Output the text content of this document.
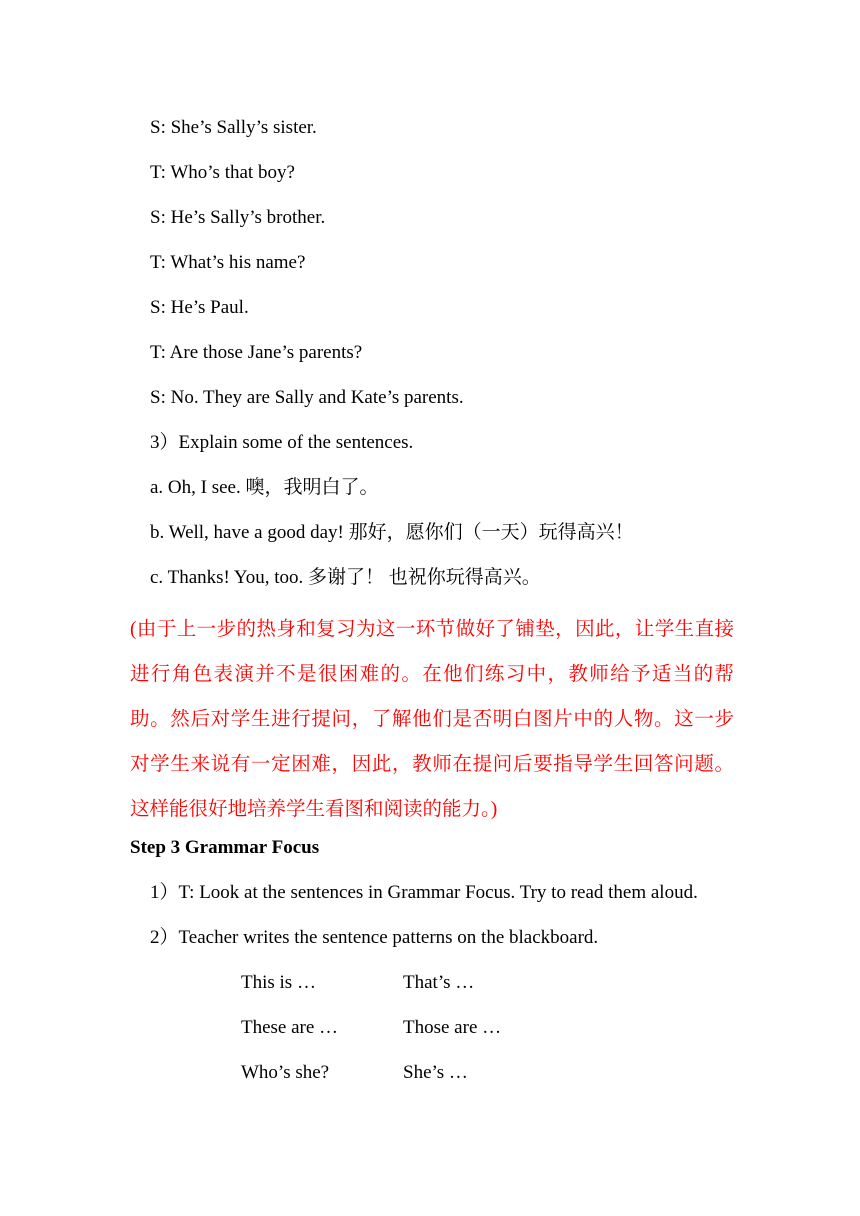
S: She’s Sally’s sister.
T: Who’s that boy?
S: He’s Sally’s brother.
T: What’s his name?
S: He’s Paul.
T: Are those Jane’s parents?
S: No. They are Sally and Kate’s parents.
3）Explain some of the sentences.
a. Oh, I see. 噢，我明白了。
b. Well, have a good day! 那好，愿你们（一天）玩得高兴！
c. Thanks! You, too. 多谢了！ 也祝你玩得高兴。
(由于上一步的热身和复习为这一环节做好了铺垫，因此，让学生直接进行角色表演并不是很困难的。在他们练习中，教师给予适当的帮助。然后对学生进行提问，了解他们是否明白图片中的人物。这一步对学生来说有一定困难，因此，教师在提问后要指导学生回答问题。这样能很好地培养学生看图和阅读的能力。)
Step 3 Grammar Focus
1）T: Look at the sentences in Grammar Focus. Try to read them aloud.
2）Teacher writes the sentence patterns on the blackboard.
This is …	That’s …
These are …	Those are …
Who’s she?	She’s …
